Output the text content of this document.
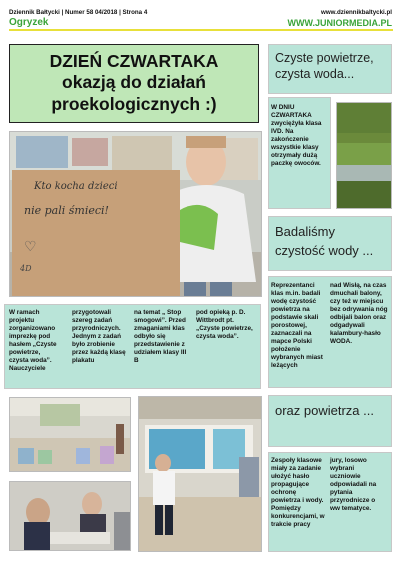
Dziennik Bałtycki | Numer 58 04/2018 | Strona 4	www.dziennikbaltycki.pl
Ogryzek	WWW.JUNIORMEDIA.PL
DZIEŃ CZWARTAKA
okazją do działań
proekologicznych :)
Kto kocha dzieci
nie pali śmieci!
♡
4D
W ramach projektu zorganizowano imprezkę pod hasłem „Czyste powietrze, czysta woda”. Nauczyciele
przygotowali szereg zadań przyrodniczych. Jednym z zadań było zrobienie przez każdą klasę plakatu
na temat „ Stop smogowi”. Przed zmaganiami klas odbyło się przedstawienie z udziałem klasy III B
pod opieką p. D. Wittbrodt pt. „Czyste powietrze, czysta woda”.
Czyste powietrze, czysta woda...
W DNIU CZWARTAKA zwyciężyła klasa IVD. Na zakończenie wszystkie klasy otrzymały dużą paczkę owoców.
Badaliśmy czystość wody ...
Reprezentanci klas m.in. badali wodę czystość powietrza na podstawie skali porostowej, zaznaczali na mapce Polski położenie wybranych miast leżących
nad Wisłą, na czas dmuchali balony, czy też w miejscu bez odrywania nóg odbijali balon oraz odgadywali kalambury-hasło WODA.
oraz powietrza ...
Zespoły klasowe miały za zadanie ułożyć hasło propagujące ochronę powietrza i wody. Pomiędzy konkurencjami, w trakcie pracy
jury, losowo wybrani uczniowie odpowiadali na pytania przyrodnicze o ww tematyce.
